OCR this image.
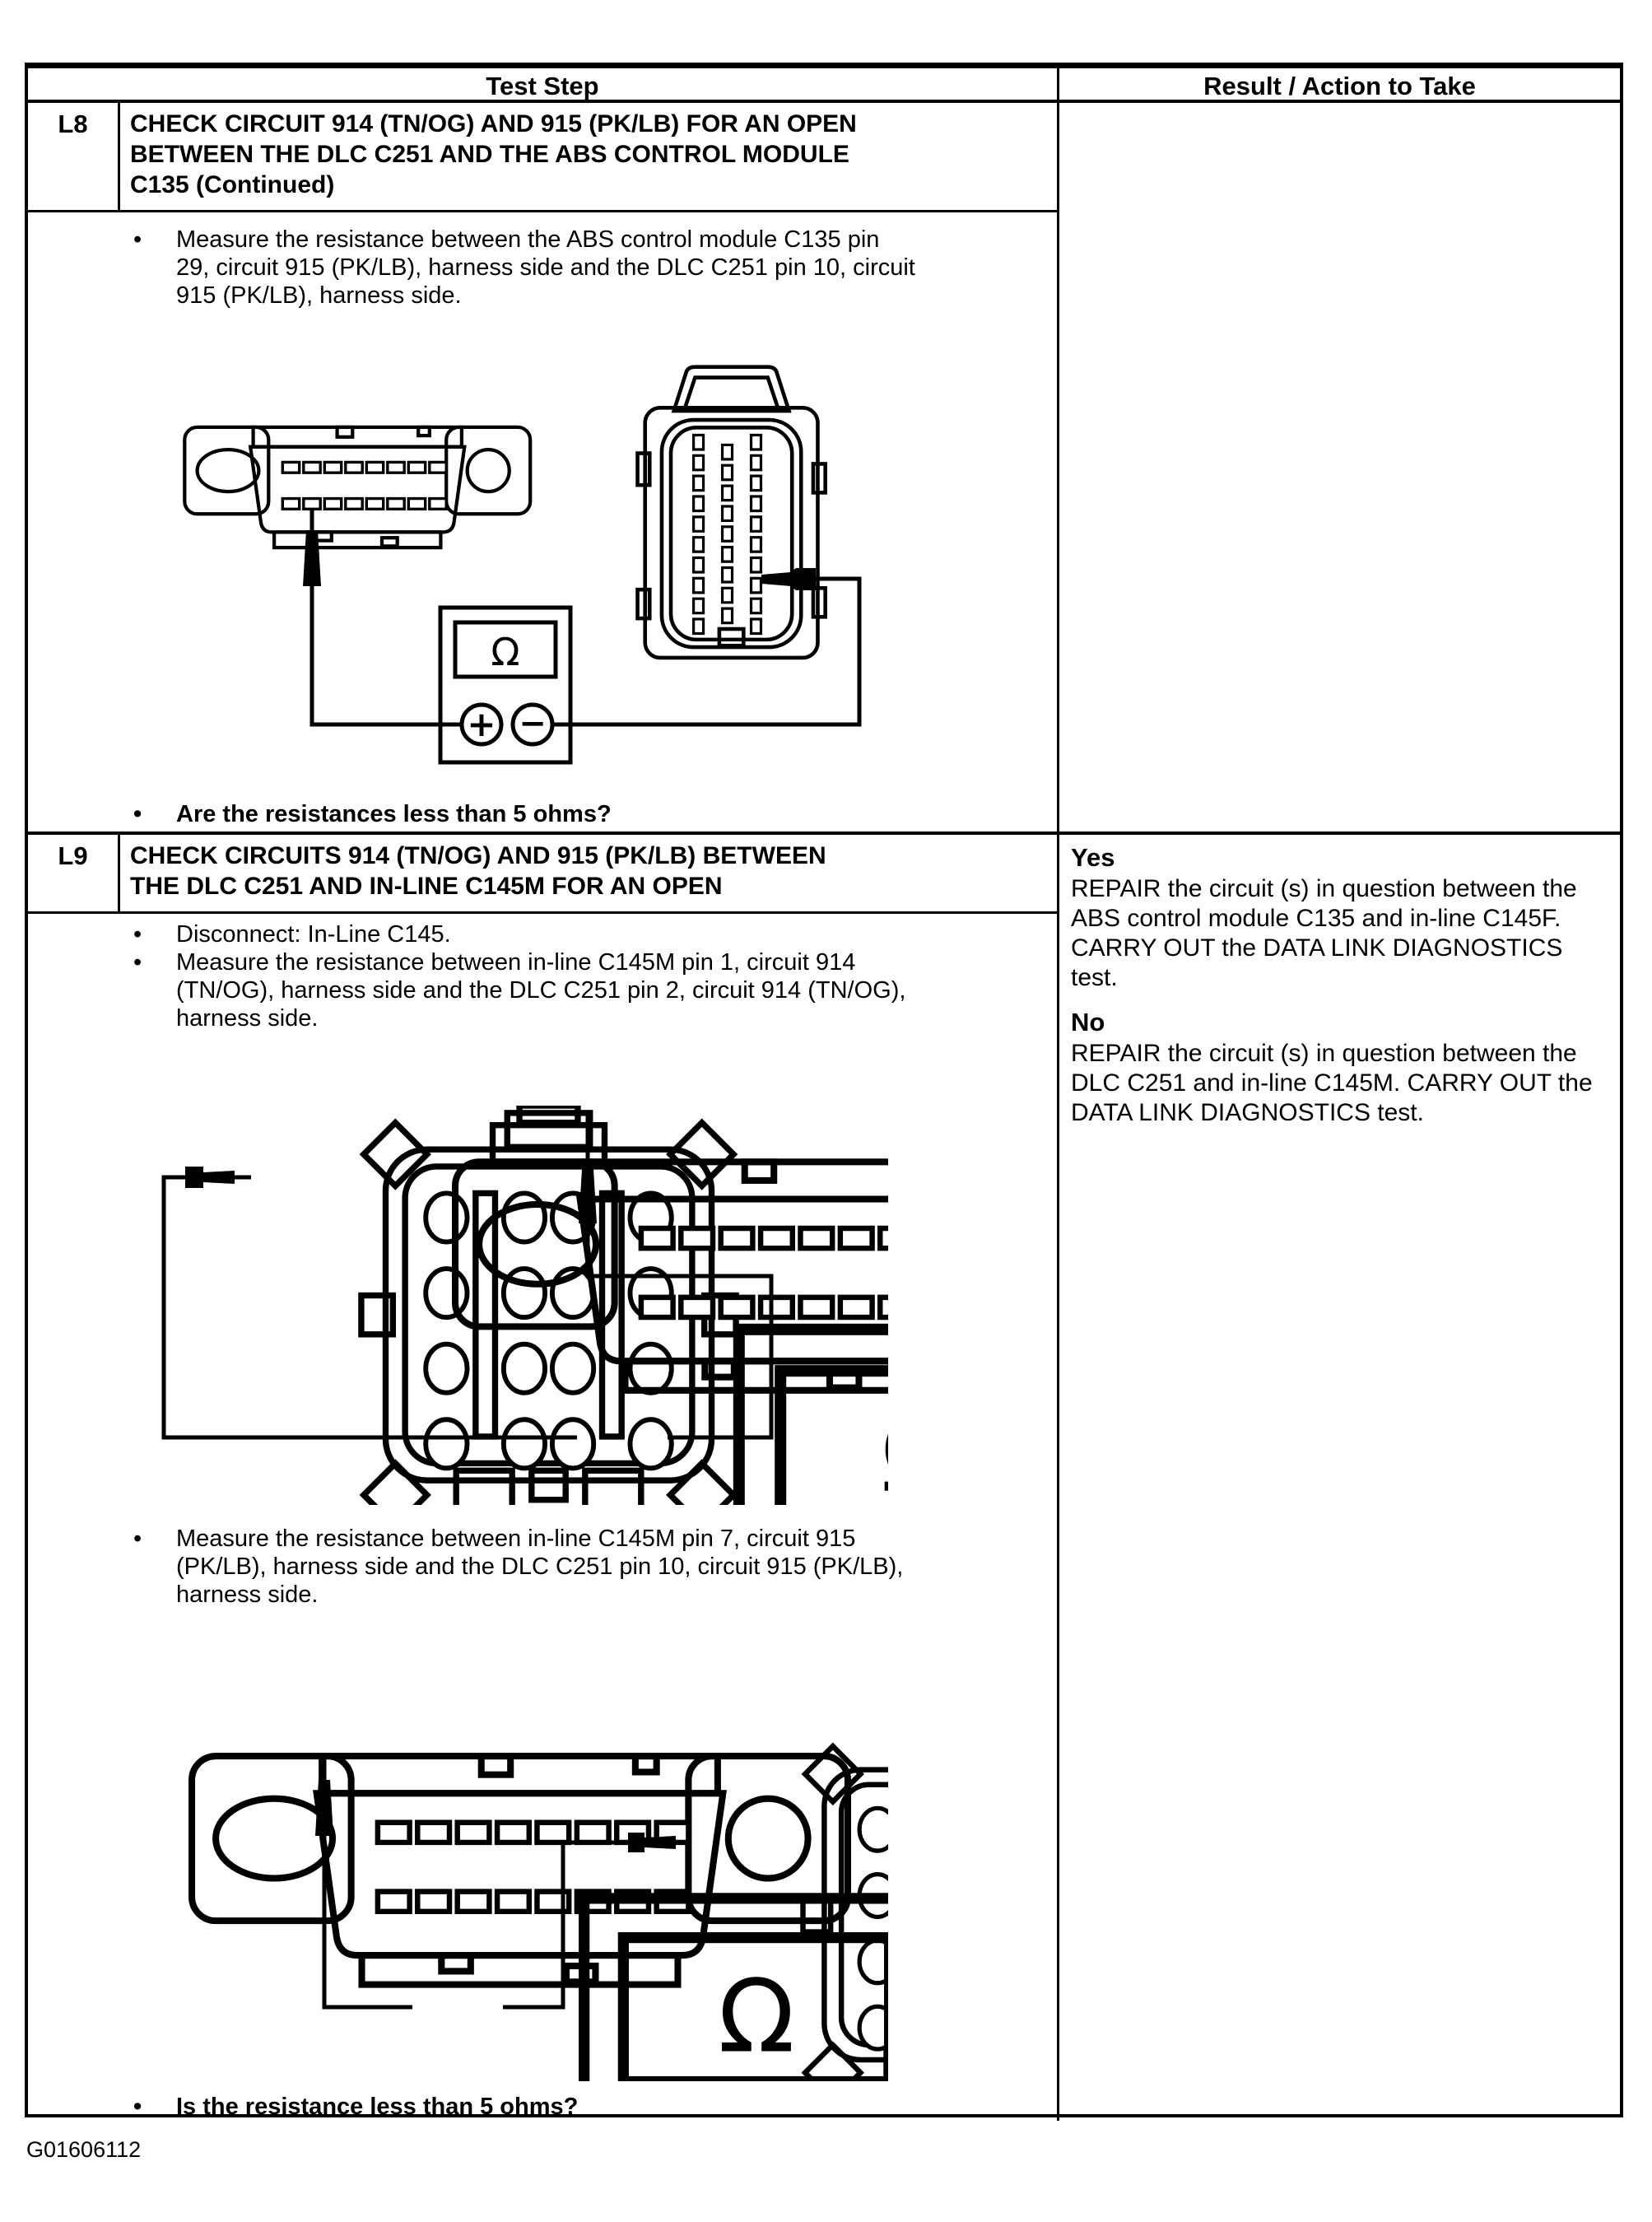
Test Step	Result / Action to Take
L8	CHECK CIRCUIT 914 (TN/OG) AND 915 (PK/LB) FOR AN OPEN
BETWEEN THE DLC C251 AND THE ABS CONTROL MODULE
C135 (Continued)
•	Measure the resistance between the ABS control module C135 pin 29, circuit 915 (PK/LB), harness side and the DLC C251 pin 10, circuit 915 (PK/LB), harness side.
•	Are the resistances less than 5 ohms?
L9	CHECK CIRCUITS 914 (TN/OG) AND 915 (PK/LB) BETWEEN
THE DLC C251 AND IN-LINE C145M FOR AN OPEN
•	Disconnect: In-Line C145.
•	Measure the resistance between in-line C145M pin 1, circuit 914 (TN/OG), harness side and the DLC C251 pin 2, circuit 914 (TN/OG), harness side.
•	Measure the resistance between in-line C145M pin 7, circuit 915 (PK/LB), harness side and the DLC C251 pin 10, circuit 915 (PK/LB), harness side.
•	Is the resistance less than 5 ohms?
Yes
REPAIR the circuit (s) in question between the ABS control module C135 and in-line C145F. CARRY OUT the DATA LINK DIAGNOSTICS test.
No
REPAIR the circuit (s) in question between the DLC C251 and in-line C145M. CARRY OUT the DATA LINK DIAGNOSTICS test.
G01606112
